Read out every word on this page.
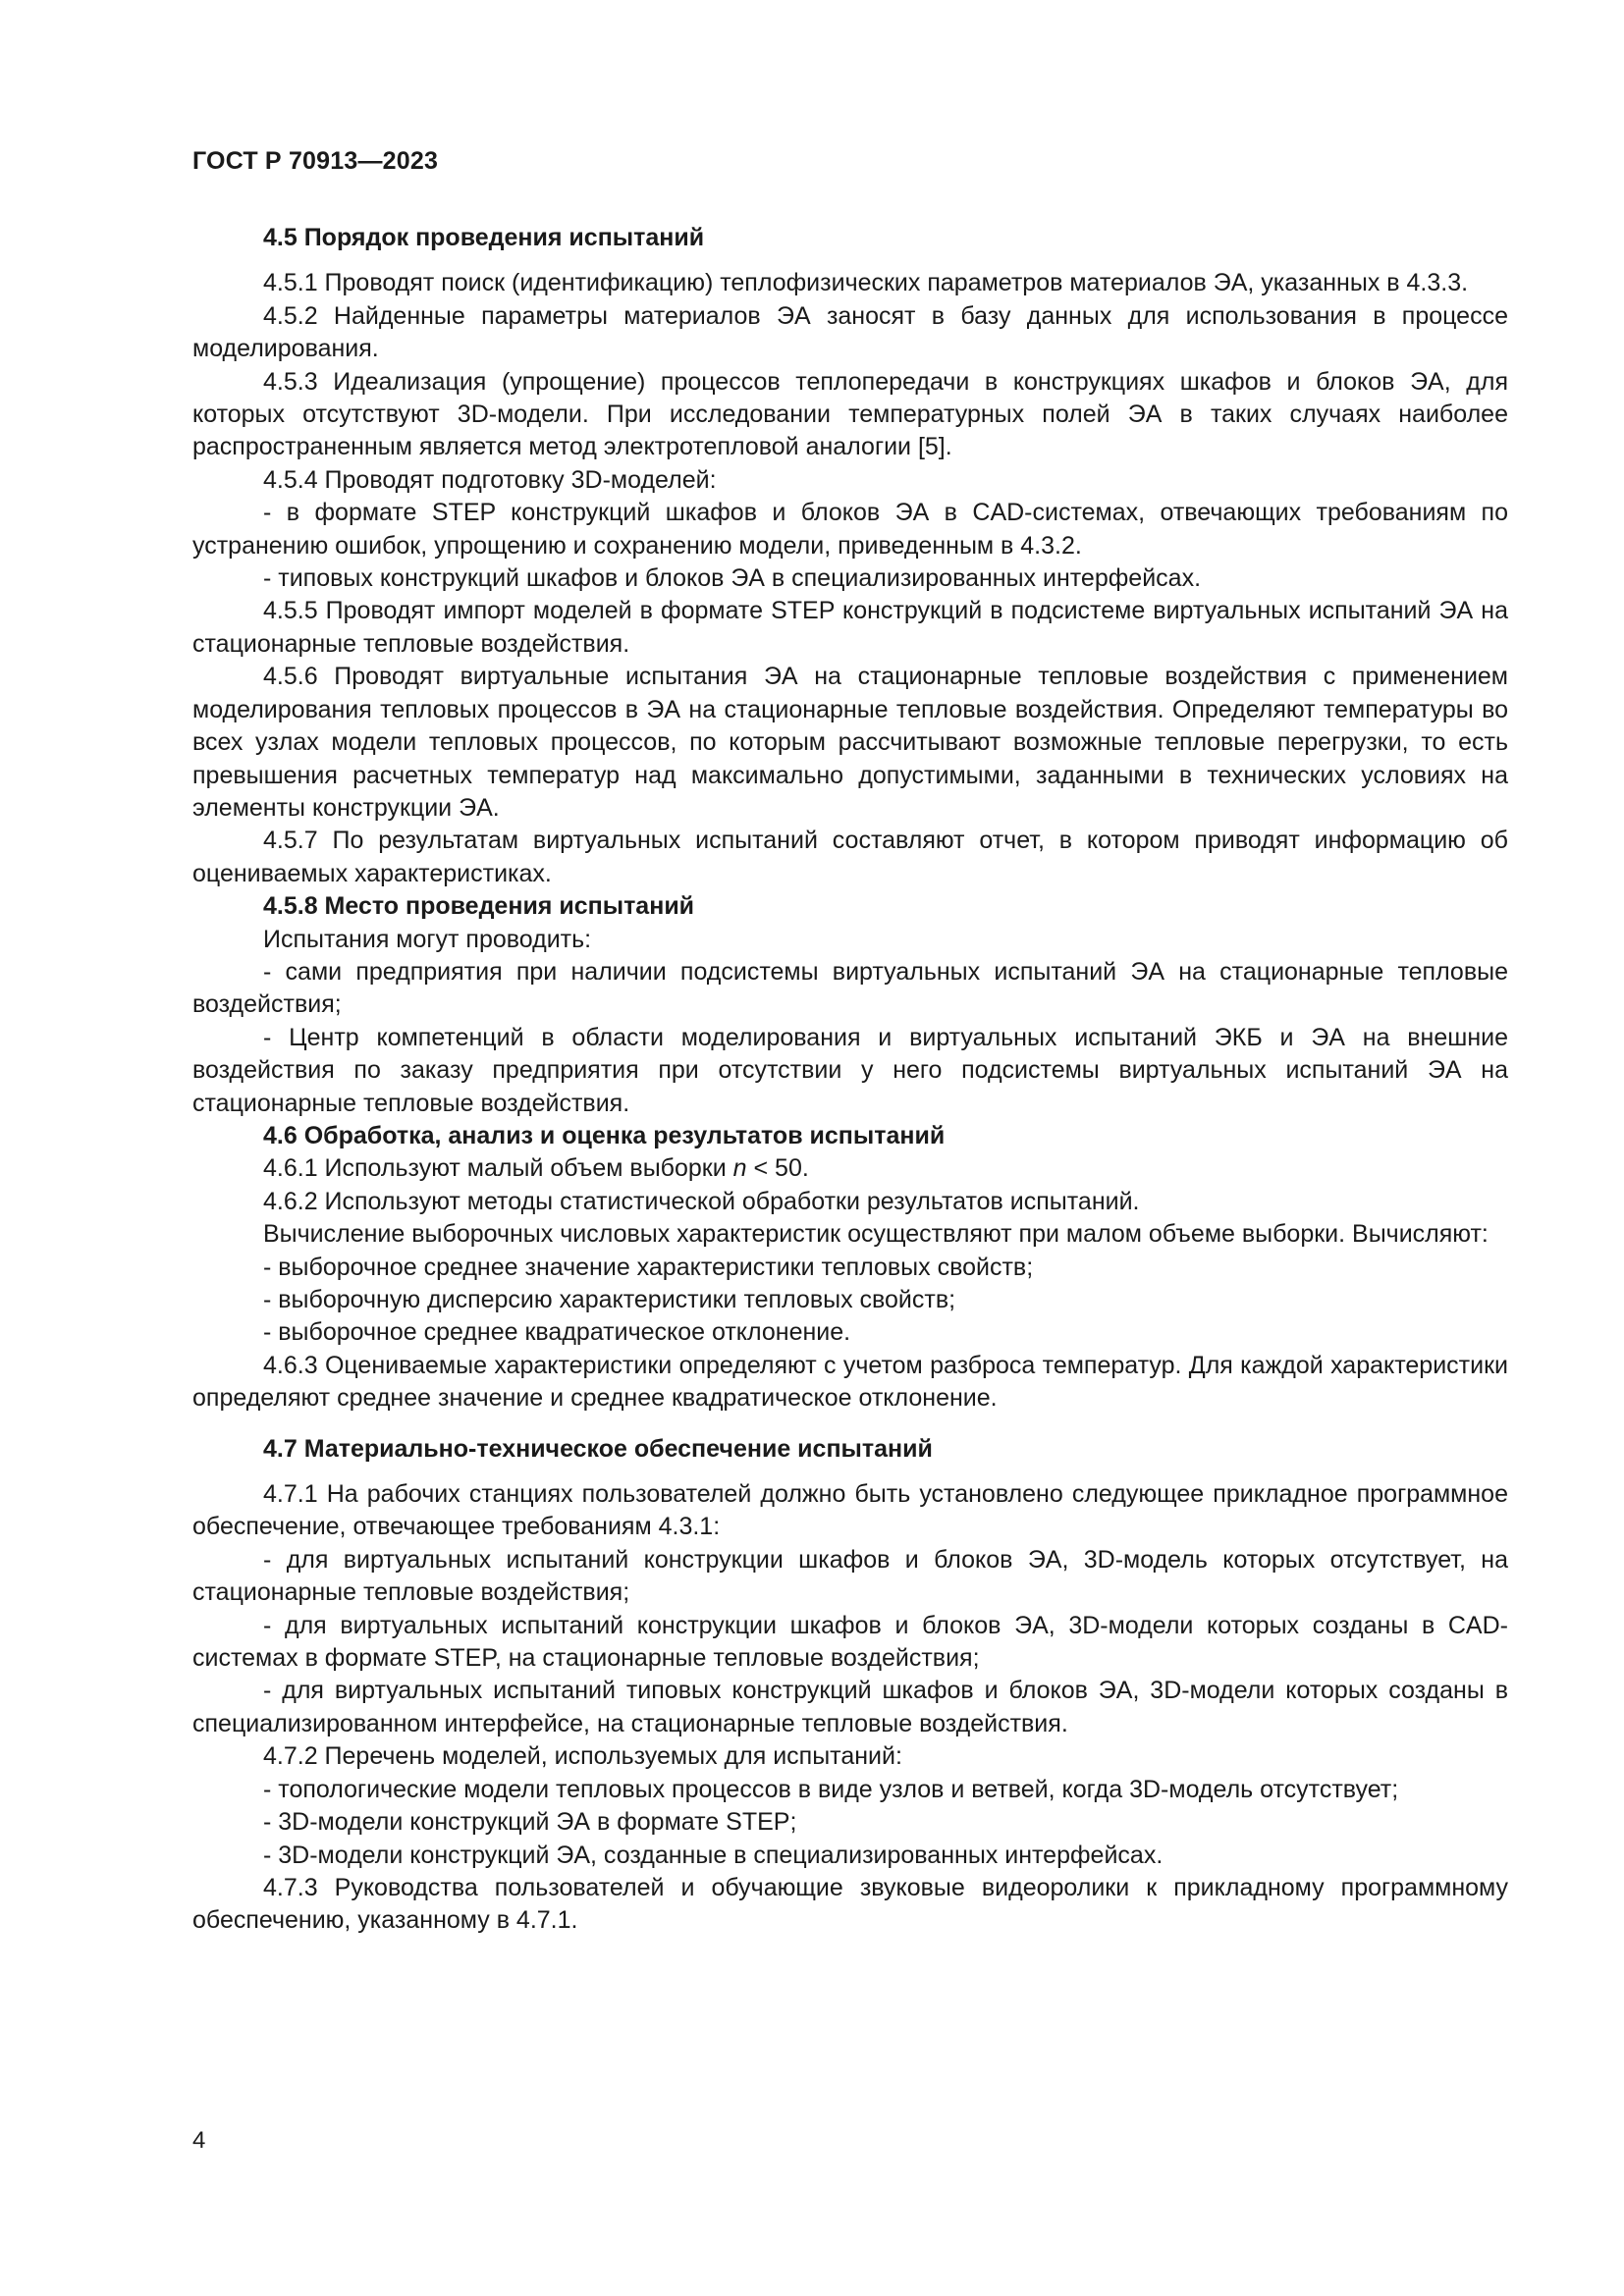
ГОСТ Р 70913—2023

4.5 Порядок проведения испытаний

4.5.1 Проводят поиск (идентификацию) теплофизических параметров материалов ЭА, указанных в 4.3.3.

4.5.2 Найденные параметры материалов ЭА заносят в базу данных для использования в процессе моделирования.

4.5.3 Идеализация (упрощение) процессов теплопередачи в конструкциях шкафов и блоков ЭА, для которых отсутствуют 3D-модели. При исследовании температурных полей ЭА в таких случаях наиболее распространенным является метод электротепловой аналогии [5].

4.5.4 Проводят подготовку 3D-моделей:

- в формате STEP конструкций шкафов и блоков ЭА в CAD-системах, отвечающих требованиям по устранению ошибок, упрощению и сохранению модели, приведенным в 4.3.2.

- типовых конструкций шкафов и блоков ЭА в специализированных интерфейсах.

4.5.5 Проводят импорт моделей в формате STEP конструкций в подсистеме виртуальных испытаний ЭА на стационарные тепловые воздействия.

4.5.6 Проводят виртуальные испытания ЭА на стационарные тепловые воздействия с применением моделирования тепловых процессов в ЭА на стационарные тепловые воздействия. Определяют температуры во всех узлах модели тепловых процессов, по которым рассчитывают возможные теплoвые перегрузки, то есть превышения расчетных температур над максимально допустимыми, заданными в технических условиях на элементы конструкции ЭА.

4.5.7 По результатам виртуальных испытаний составляют отчет, в котором приводят информацию об оцениваемых характеристиках.

4.5.8 Место проведения испытаний

Испытания могут проводить:

- сами предприятия при наличии подсистемы виртуальных испытаний ЭА на стационарные тепловые воздействия;

- Центр компетенций в области моделирования и виртуальных испытаний ЭКБ и ЭА на внешние воздействия по заказу предприятия при отсутствии у него подсистемы виртуальных испытаний ЭА на стационарные тепловые воздействия.

4.6 Обработка, анализ и оценка результатов испытаний

4.6.1 Используют малый объем выборки n < 50.

4.6.2 Используют методы статистической обработки результатов испытаний.

Вычисление выборочных числовых характеристик осуществляют при малом объеме выборки. Вычисляют:

- выборочное среднее значение характеристики тепловых свойств;

- выборочную дисперсию характеристики тепловых свойств;

- выборочное среднее квадратическое отклонение.

4.6.3 Оцениваемые характеристики определяют с учетом разброса температур. Для каждой характеристики определяют среднее значение и среднее квадратическое отклонение.

4.7 Материально-техническое обеспечение испытаний

4.7.1 На рабочих станциях пользователей должно быть установлено следующее прикладное программное обеспечение, отвечающее требованиям 4.3.1:

- для виртуальных испытаний конструкции шкафов и блоков ЭА, 3D-модель которых отсутствует, на стационарные тепловые воздействия;

- для виртуальных испытаний конструкции шкафов и блоков ЭА, 3D-модели которых созданы в CAD-системах в формате STEP, на стационарные тепловые воздействия;

- для виртуальных испытаний типовых конструкций шкафов и блоков ЭА, 3D-модели которых созданы в специализированном интерфейсе, на стационарные тепловые воздействия.

4.7.2 Перечень моделей, используемых для испытаний:

- топологические модели тепловых процессов в виде узлов и ветвей, когда 3D-модель отсутствует;

- 3D-модели конструкций ЭА в формате STEP;

- 3D-модели конструкций ЭА, созданные в специализированных интерфейсах.

4.7.3 Руководства пользователей и обучающие звуковые видеоролики к прикладному программному обеспечению, указанному в 4.7.1.

4
